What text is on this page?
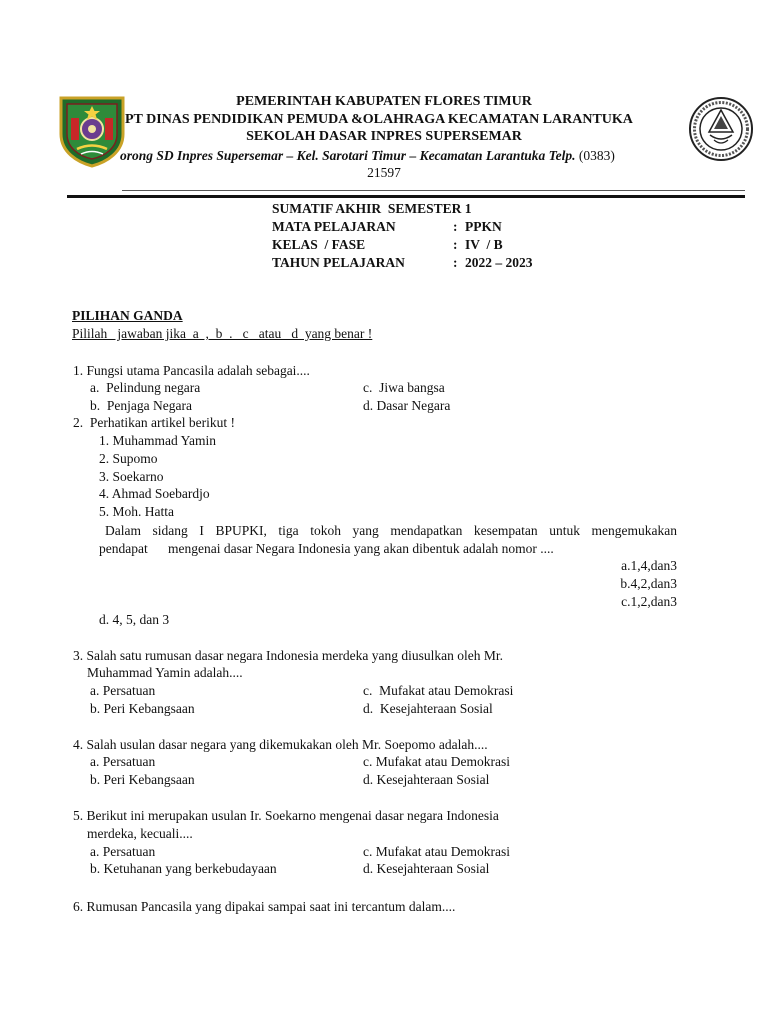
PEMERINTAH KABUPATEN FLORES TIMUR
PT DINAS PENDIDIKAN PEMUDA &OLAHRAGA KECAMATAN LARANTUKA
SEKOLAH DASAR INPRES SUPERSEMAR
orong SD Inpres Supersemar – Kel. Sarotari Timur – Kecamatan Larantuka Telp. (0383)
21597
SUMATIF AKHIR  SEMESTER 1
MATA PELAJARAN	: PPKN
KELAS  / FASE	: IV  / B
TAHUN PELAJARAN	: 2022 – 2023
PILIHAN GANDA
Pililah   jawaban jika  a  ,  b  .   c   atau   d  yang benar !
1. Fungsi utama Pancasila adalah sebagai....
a.  Pelindung negara	c.  Jiwa bangsa
b.  Penjaga Negara	d. Dasar Negara
2.  Perhatikan artikel berikut !
1. Muhammad Yamin
2. Supomo
3. Soekarno
4. Ahmad Soebardjo
5. Moh. Hatta
Dalam sidang I BPUPKI, tiga tokoh yang mendapatkan kesempatan untuk mengemukakan
pendapat      mengenai dasar Negara Indonesia yang akan dibentuk adalah nomor ....
a.1,4,dan3
b.4,2,dan3
c.1,2,dan3
d. 4, 5, dan 3
3. Salah satu rumusan dasar negara Indonesia merdeka yang diusulkan oleh Mr.
Muhammad Yamin adalah....
a. Persatuan	c.  Mufakat atau Demokrasi
b. Peri Kebangsaan	d.  Kesejahteraan Sosial
4. Salah usulan dasar negara yang dikemukakan oleh Mr. Soepomo adalah....
a. Persatuan	c. Mufakat atau Demokrasi
b. Peri Kebangsaan	d. Kesejahteraan Sosial
5. Berikut ini merupakan usulan Ir. Soekarno mengenai dasar negara Indonesia
merdeka, kecuali....
a. Persatuan	c. Mufakat atau Demokrasi
b. Ketuhanan yang berkebudayaan	d. Kesejahteraan Sosial
6. Rumusan Pancasila yang dipakai sampai saat ini tercantum dalam....
